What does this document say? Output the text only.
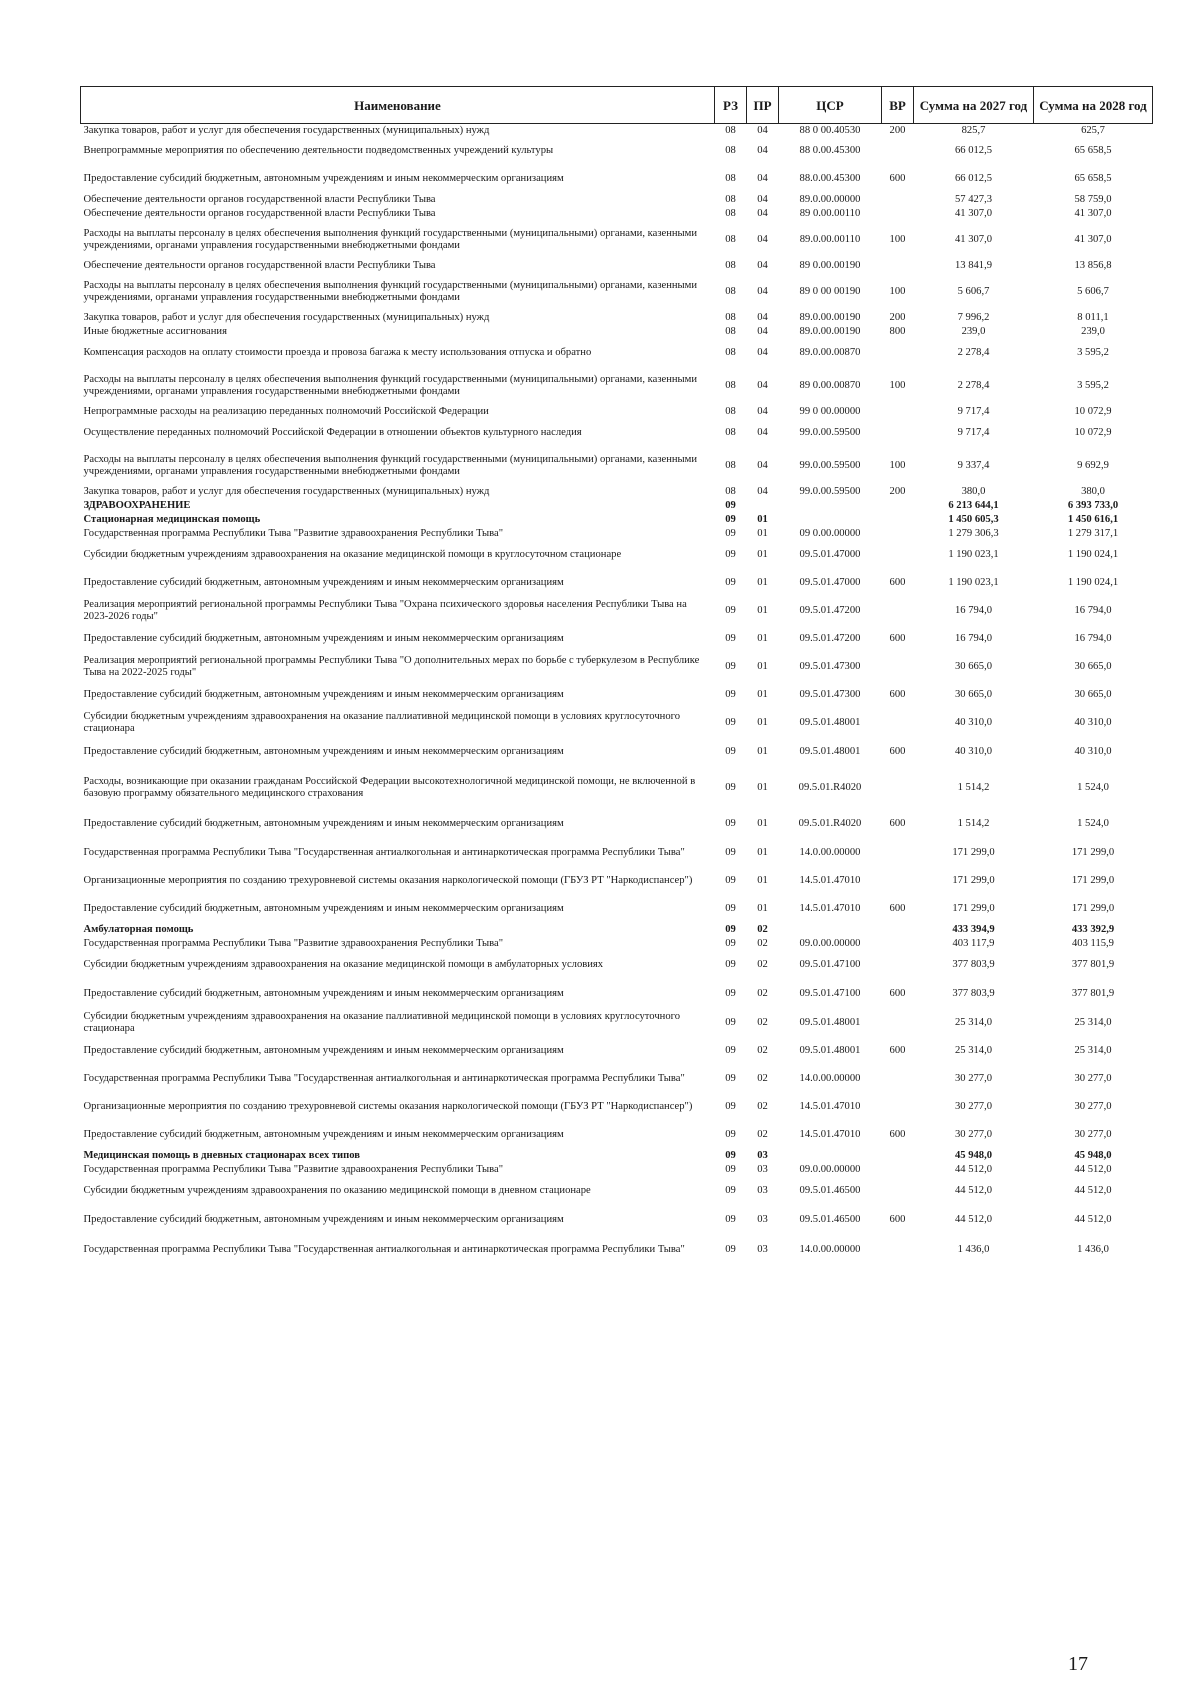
Наименование	РЗ	ПР	ЦСР	ВР	Сумма на 2027 год	Сумма на 2028 год
Закупка товаров, работ и услуг для обеспечения государственных (муниципальных) нужд	08	04	88 0 00.40530	200	825,7	625,7
Внепрограммные мероприятия по обеспечению деятельности подведомственных учреждений культуры	08	04	88 0.00.45300		66 012,5	65 658,5
Предоставление субсидий бюджетным, автономным учреждениям и иным некоммерческим организациям	08	04	88.0.00.45300	600	66 012,5	65 658,5
Обеспечение деятельности органов государственной власти Республики Тыва	08	04	89.0.00.00000		57 427,3	58 759,0
Обеспечение деятельности органов государственной власти Республики Тыва	08	04	89 0.00.00110		41 307,0	41 307,0
Расходы на выплаты персоналу в целях обеспечения выполнения функций государственными (муниципальными) органами, казенными учреждениями, органами управления государственными внебюджетными фондами	08	04	89.0.00.00110	100	41 307,0	41 307,0
Обеспечение деятельности органов государственной власти Республики Тыва	08	04	89 0.00.00190		13 841,9	13 856,8
Расходы на выплаты персоналу в целях обеспечения выполнения функций государственными (муниципальными) органами, казенными учреждениями, органами управления государственными внебюджетными фондами	08	04	89 0 00 00190	100	5 606,7	5 606,7
Закупка товаров, работ и услуг для обеспечения государственных (муниципальных) нужд	08	04	89.0.00.00190	200	7 996,2	8 011,1
Иные бюджетные ассигнования	08	04	89.0.00.00190	800	239,0	239,0
Компенсация расходов на оплату стоимости проезда и провоза багажа к месту использования отпуска и обратно	08	04	89.0.00.00870		2 278,4	3 595,2
Расходы на выплаты персоналу в целях обеспечения выполнения функций государственными (муниципальными) органами, казенными учреждениями, органами управления государственными внебюджетными фондами	08	04	89 0.00.00870	100	2 278,4	3 595,2
Непрограммные расходы на реализацию переданных полномочий Российской Федерации	08	04	99 0 00.00000		9 717,4	10 072,9
Осуществление переданных полномочий Российской Федерации в отношении объектов культурного наследия	08	04	99.0.00.59500		9 717,4	10 072,9
Расходы на выплаты персоналу в целях обеспечения выполнения функций государственными (муниципальными) органами, казенными учреждениями, органами управления государственными внебюджетными фондами	08	04	99.0.00.59500	100	9 337,4	9 692,9
Закупка товаров, работ и услуг для обеспечения государственных (муниципальных) нужд	08	04	99.0.00.59500	200	380,0	380,0
ЗДРАВООХРАНЕНИЕ	09				6 213 644,1	6 393 733,0
Стационарная медицинская помощь	09	01			1 450 605,3	1 450 616,1
Государственная программа Республики Тыва "Развитие здравоохранения Республики Тыва"	09	01	09 0.00.00000		1 279 306,3	1 279 317,1
Субсидии бюджетным учреждениям здравоохранения на оказание медицинской помощи в круглосуточном стационаре	09	01	09.5.01.47000		1 190 023,1	1 190 024,1
Предоставление субсидий бюджетным, автономным учреждениям и иным некоммерческим организациям	09	01	09.5.01.47000	600	1 190 023,1	1 190 024,1
Реализация мероприятий региональной программы Республики Тыва "Охрана психического здоровья населения Республики Тыва на 2023-2026 годы"	09	01	09.5.01.47200		16 794,0	16 794,0
Предоставление субсидий бюджетным, автономным учреждениям и иным некоммерческим организациям	09	01	09.5.01.47200	600	16 794,0	16 794,0
Реализация мероприятий региональной программы Республики Тыва "О дополнительных мерах по борьбе с туберкулезом в Республике Тыва на 2022-2025 годы"	09	01	09.5.01.47300		30 665,0	30 665,0
Предоставление субсидий бюджетным, автономным учреждениям и иным некоммерческим организациям	09	01	09.5.01.47300	600	30 665,0	30 665,0
Субсидии бюджетным учреждениям здравоохранения на оказание паллиативной медицинской помощи в условиях круглосуточного стационара	09	01	09.5.01.48001		40 310,0	40 310,0
Предоставление субсидий бюджетным, автономным учреждениям и иным некоммерческим организациям	09	01	09.5.01.48001	600	40 310,0	40 310,0
Расходы, возникающие при оказании гражданам Российской Федерации высокотехнологичной медицинской помощи, не включенной в базовую программу обязательного медицинского страхования	09	01	09.5.01.R4020		1 514,2	1 524,0
Предоставление субсидий бюджетным, автономным учреждениям и иным некоммерческим организациям	09	01	09.5.01.R4020	600	1 514,2	1 524,0
Государственная программа Республики Тыва "Государственная антиалкогольная и антинаркотическая программа Республики Тыва"	09	01	14.0.00.00000		171 299,0	171 299,0
Организационные мероприятия по созданию трехуровневой системы оказания наркологической помощи (ГБУЗ РТ "Наркодиспансер")	09	01	14.5.01.47010		171 299,0	171 299,0
Предоставление субсидий бюджетным, автономным учреждениям и иным некоммерческим организациям	09	01	14.5.01.47010	600	171 299,0	171 299,0
Амбулаторная помощь	09	02			433 394,9	433 392,9
Государственная программа Республики Тыва "Развитие здравоохранения Республики Тыва"	09	02	09.0.00.00000		403 117,9	403 115,9
Субсидии бюджетным учреждениям здравоохранения на оказание медицинской помощи в амбулаторных условиях	09	02	09.5.01.47100		377 803,9	377 801,9
Предоставление субсидий бюджетным, автономным учреждениям и иным некоммерческим организациям	09	02	09.5.01.47100	600	377 803,9	377 801,9
Субсидии бюджетным учреждениям здравоохранения на оказание паллиативной медицинской помощи в условиях круглосуточного стационара	09	02	09.5.01.48001		25 314,0	25 314,0
Предоставление субсидий бюджетным, автономным учреждениям и иным некоммерческим организациям	09	02	09.5.01.48001	600	25 314,0	25 314,0
Государственная программа Республики Тыва "Государственная антиалкогольная и антинаркотическая программа Республики Тыва"	09	02	14.0.00.00000		30 277,0	30 277,0
Организационные мероприятия по созданию трехуровневой системы оказания наркологической помощи (ГБУЗ РТ "Наркодиспансер")	09	02	14.5.01.47010		30 277,0	30 277,0
Предоставление субсидий бюджетным, автономным учреждениям и иным некоммерческим организациям	09	02	14.5.01.47010	600	30 277,0	30 277,0
Медицинская помощь в дневных стационарах всех типов	09	03			45 948,0	45 948,0
Государственная программа Республики Тыва "Развитие здравоохранения Республики Тыва"	09	03	09.0.00.00000		44 512,0	44 512,0
Субсидии бюджетным учреждениям здравоохранения по оказанию медицинской помощи в дневном стационаре	09	03	09.5.01.46500		44 512,0	44 512,0
Предоставление субсидий бюджетным, автономным учреждениям и иным некоммерческим организациям	09	03	09.5.01.46500	600	44 512,0	44 512,0
Государственная программа Республики Тыва "Государственная антиалкогольная и антинаркотическая программа Республики Тыва"	09	03	14.0.00.00000		1 436,0	1 436,0
17
